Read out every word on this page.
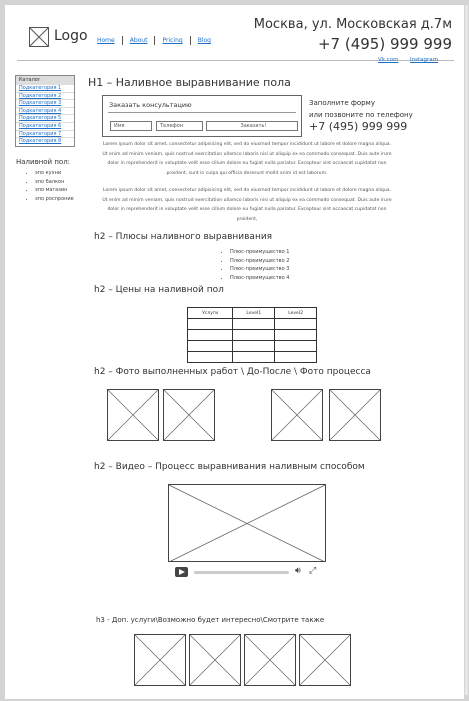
Logo Home	About	Pricing	Blog
Москва, ул. Московская д.7м
+7 (495) 999 999
Vk.com Instagram
Каталог
Подкатегория 1
Подкатегория 2
Подкатегория 3
Подкатегория 4
Подкатегория 5
Подкатегория 6
Подкатегория 7
Подкатегория 8
Наливной пол:
• эпо кухни
• эпо балкон
• эпо магазин
• эпо роспроние
H1 – Наливное выравнивание пола
Заказать консультацию
Имя	Телефон	Заказать!
Заполните форму
или позвоните по телефону
+7 (495) 999 999
Lorem ipsum dolor sit amet, consectetur adipisicing elit, sed do eiusmod tempor incididunt ut labore et dolore magna aliqua. Ut enim ad minim veniam, quis nostrud exercitation ullamco laboris nisi ut aliquip ex ea commodo consequat. Duis aute irure dolor in reprehenderit in voluptate velit esse cillum dolore eu fugiat nulla pariatur. Excepteur sint occaecat cupidatat non proident, sunt in culpa qui officia deserunt mollit anim id est laborum.
Lorem ipsum dolor sit amet, consectetur adipisicing elit, sed do eiusmod tempor incididunt ut labore et dolore magna aliqua. Ut enim ad minim veniam, quis nostrud exercitation ullamco laboris nisi ut aliquip ex ea commodo consequat. Duis aute irure dolor in reprehenderit in voluptate velit esse cillum dolore eu fugiat nulla pariatur. Excepteur sint occaecat cupidatat non proident,
h2 – Плюсы наливного выравнивания
• Плюс-преимущество 1
• Плюс-преимущество 2
• Плюс-преимущество 3
• Плюс-преимущество 4
h2 – Цены на наливной пол
Услуги	Level1	Level2

h2 – Фото выполненных работ \ До-После \ Фото процесса
h2 – Видео – Процесс выравнивания наливным способом
🔊︎ ⤢
h3 - Доп. услуги\Возможно будет интересно\Смотрите также
